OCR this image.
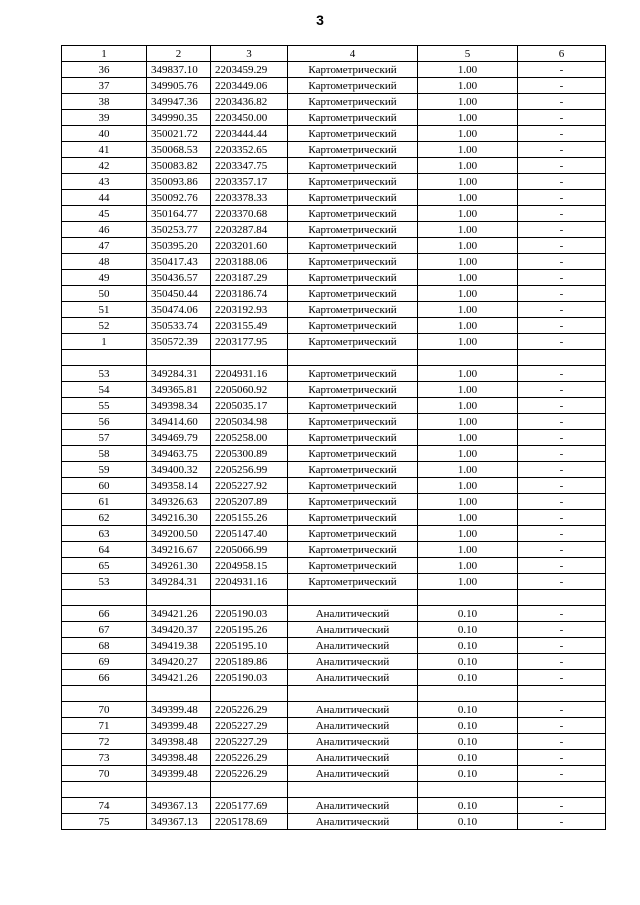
3
1	2	3	4	5	6
36	349837.10	2203459.29	Картометрический	1.00	-
37	349905.76	2203449.06	Картометрический	1.00	-
38	349947.36	2203436.82	Картометрический	1.00	-
39	349990.35	2203450.00	Картометрический	1.00	-
40	350021.72	2203444.44	Картометрический	1.00	-
41	350068.53	2203352.65	Картометрический	1.00	-
42	350083.82	2203347.75	Картометрический	1.00	-
43	350093.86	2203357.17	Картометрический	1.00	-
44	350092.76	2203378.33	Картометрический	1.00	-
45	350164.77	2203370.68	Картометрический	1.00	-
46	350253.77	2203287.84	Картометрический	1.00	-
47	350395.20	2203201.60	Картометрический	1.00	-
48	350417.43	2203188.06	Картометрический	1.00	-
49	350436.57	2203187.29	Картометрический	1.00	-
50	350450.44	2203186.74	Картометрический	1.00	-
51	350474.06	2203192.93	Картометрический	1.00	-
52	350533.74	2203155.49	Картометрический	1.00	-
1	350572.39	2203177.95	Картометрический	1.00	-

53	349284.31	2204931.16	Картометрический	1.00	-
54	349365.81	2205060.92	Картометрический	1.00	-
55	349398.34	2205035.17	Картометрический	1.00	-
56	349414.60	2205034.98	Картометрический	1.00	-
57	349469.79	2205258.00	Картометрический	1.00	-
58	349463.75	2205300.89	Картометрический	1.00	-
59	349400.32	2205256.99	Картометрический	1.00	-
60	349358.14	2205227.92	Картометрический	1.00	-
61	349326.63	2205207.89	Картометрический	1.00	-
62	349216.30	2205155.26	Картометрический	1.00	-
63	349200.50	2205147.40	Картометрический	1.00	-
64	349216.67	2205066.99	Картометрический	1.00	-
65	349261.30	2204958.15	Картометрический	1.00	-
53	349284.31	2204931.16	Картометрический	1.00	-

66	349421.26	2205190.03	Аналитический	0.10	-
67	349420.37	2205195.26	Аналитический	0.10	-
68	349419.38	2205195.10	Аналитический	0.10	-
69	349420.27	2205189.86	Аналитический	0.10	-
66	349421.26	2205190.03	Аналитический	0.10	-

70	349399.48	2205226.29	Аналитический	0.10	-
71	349399.48	2205227.29	Аналитический	0.10	-
72	349398.48	2205227.29	Аналитический	0.10	-
73	349398.48	2205226.29	Аналитический	0.10	-
70	349399.48	2205226.29	Аналитический	0.10	-

74	349367.13	2205177.69	Аналитический	0.10	-
75	349367.13	2205178.69	Аналитический	0.10	-
